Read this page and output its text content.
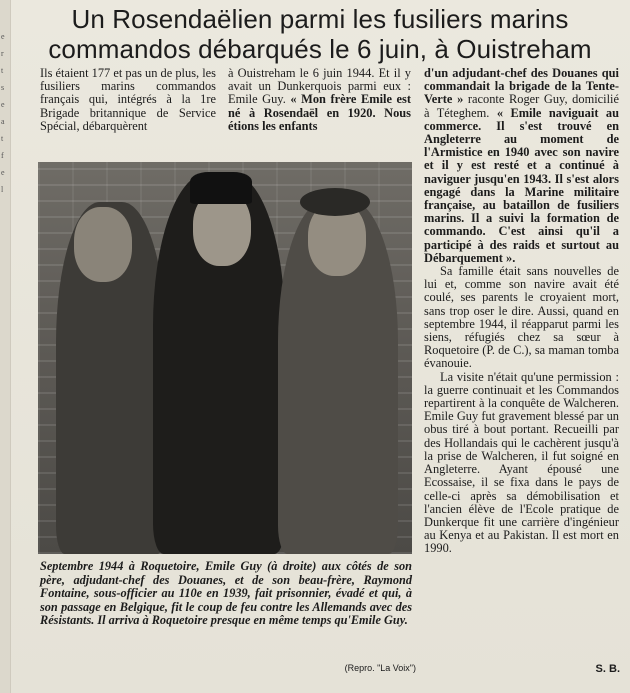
e
r
t
s
e
a
t
f
e
l
Un Rosendaëlien parmi les fusiliers marins
commandos débarqués le 6 juin, à Ouistreham

Ils étaient 177 et pas un de plus, les fusiliers marins commandos français qui, intégrés à la 1re Brigade britannique de Service Spécial, débarquèrent

à Ouistreham le 6 juin 1944. Et il y avait un Dunkerquois parmi eux : Emile Guy. « Mon frère Emile est né à Rosendaël en 1920. Nous étions les enfants

d'un adjudant-chef des Douanes qui commandait la brigade de la Tente-Verte » raconte Roger Guy, domicilié à Téteghem. « Emile naviguait au commerce. Il s'est trouvé en Angleterre au moment de l'Armistice en 1940 avec son navire et il y est resté et a continué à naviguer jusqu'en 1943. Il s'est alors engagé dans la Marine militaire française, au bataillon de fusiliers marins. Il a suivi la formation de commando. C'est ainsi qu'il a participé à des raids et surtout au Débarquement ».

Sa famille était sans nouvelles de lui et, comme son navire avait été coulé, ses parents le croyaient mort, sans trop oser le dire. Aussi, quand en septembre 1944, il réapparut parmi les siens, réfugiés chez sa sœur à Roquetoire (P. de C.), sa maman tomba évanouie.

La visite n'était qu'une permission : la guerre continuait et les Commandos repartirent à la conquête de Walcheren. Emile Guy fut gravement blessé par un obus tiré à bout portant. Recueilli par des Hollandais qui le cachèrent jusqu'à la prise de Walcheren, il fut soigné en Angleterre. Ayant épousé une Ecossaise, il se fixa dans le pays de celle-ci après sa démobilisation et l'ancien élève de l'Ecole pratique de Dunkerque fit une carrière d'ingénieur au Kenya et au Pakistan. Il est mort en 1990.

Septembre 1944 à Roquetoire, Emile Guy (à droite) aux côtés de son père, adjudant-chef des Douanes, et de son beau-frère, Raymond Fontaine, sous-officier au 110e en 1939, fait prisonnier, évadé et qui, à son passage en Belgique, fit le coup de feu contre les Allemands avec des Résistants. Il arriva à Roquetoire presque en même temps qu'Emile Guy.
(Repro. "La Voix")	S. B.
